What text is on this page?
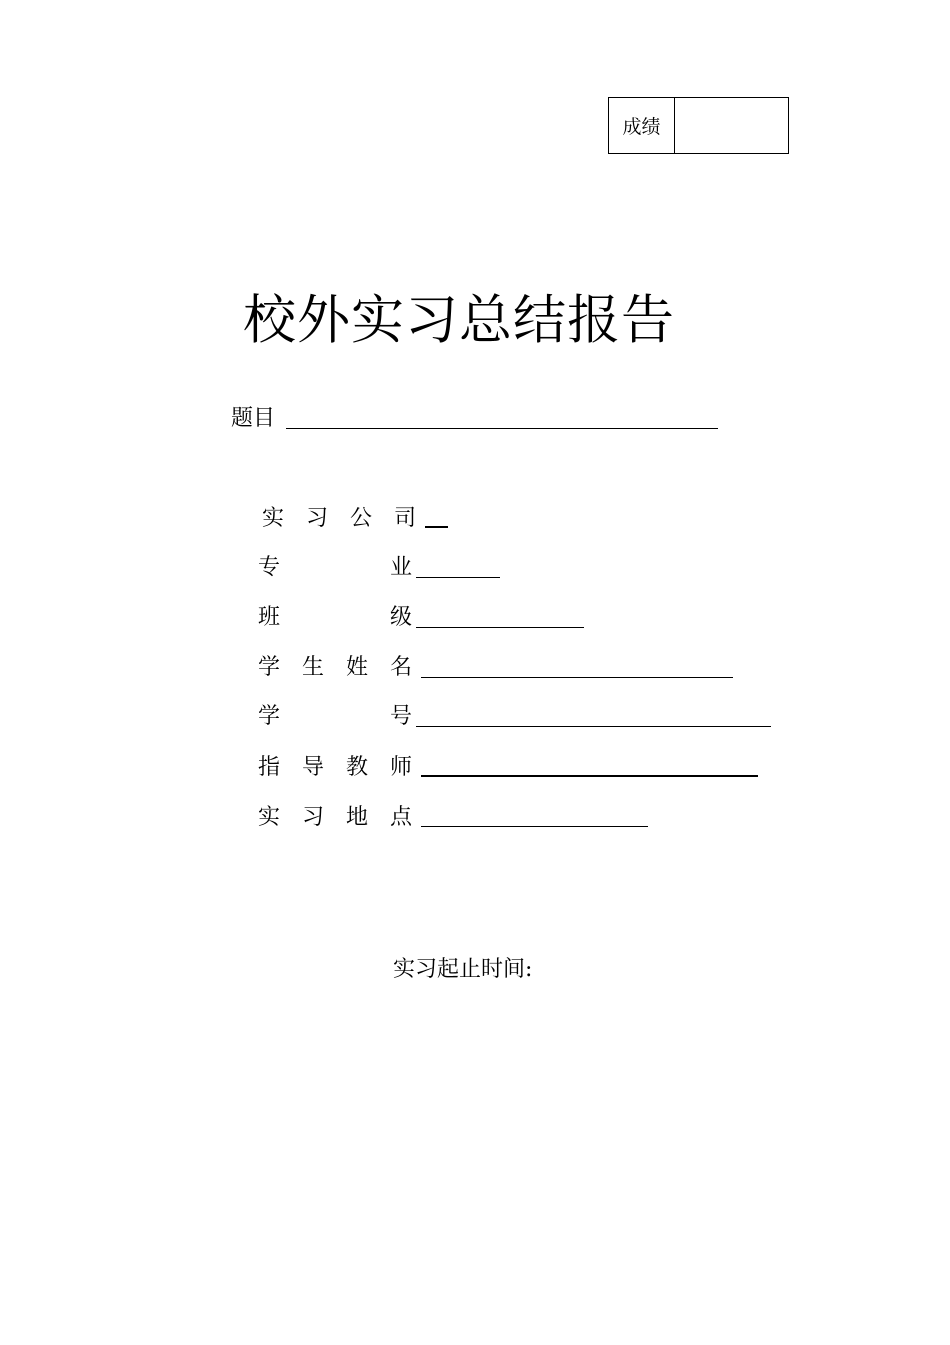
成绩
校外实习总结报告
题目
实　习　公　司
专　　　　　业
班　　　　　级
学　生　姓　名
学　　　　　号
指　导　教　师
实　习　地　点
实习起止时间:
